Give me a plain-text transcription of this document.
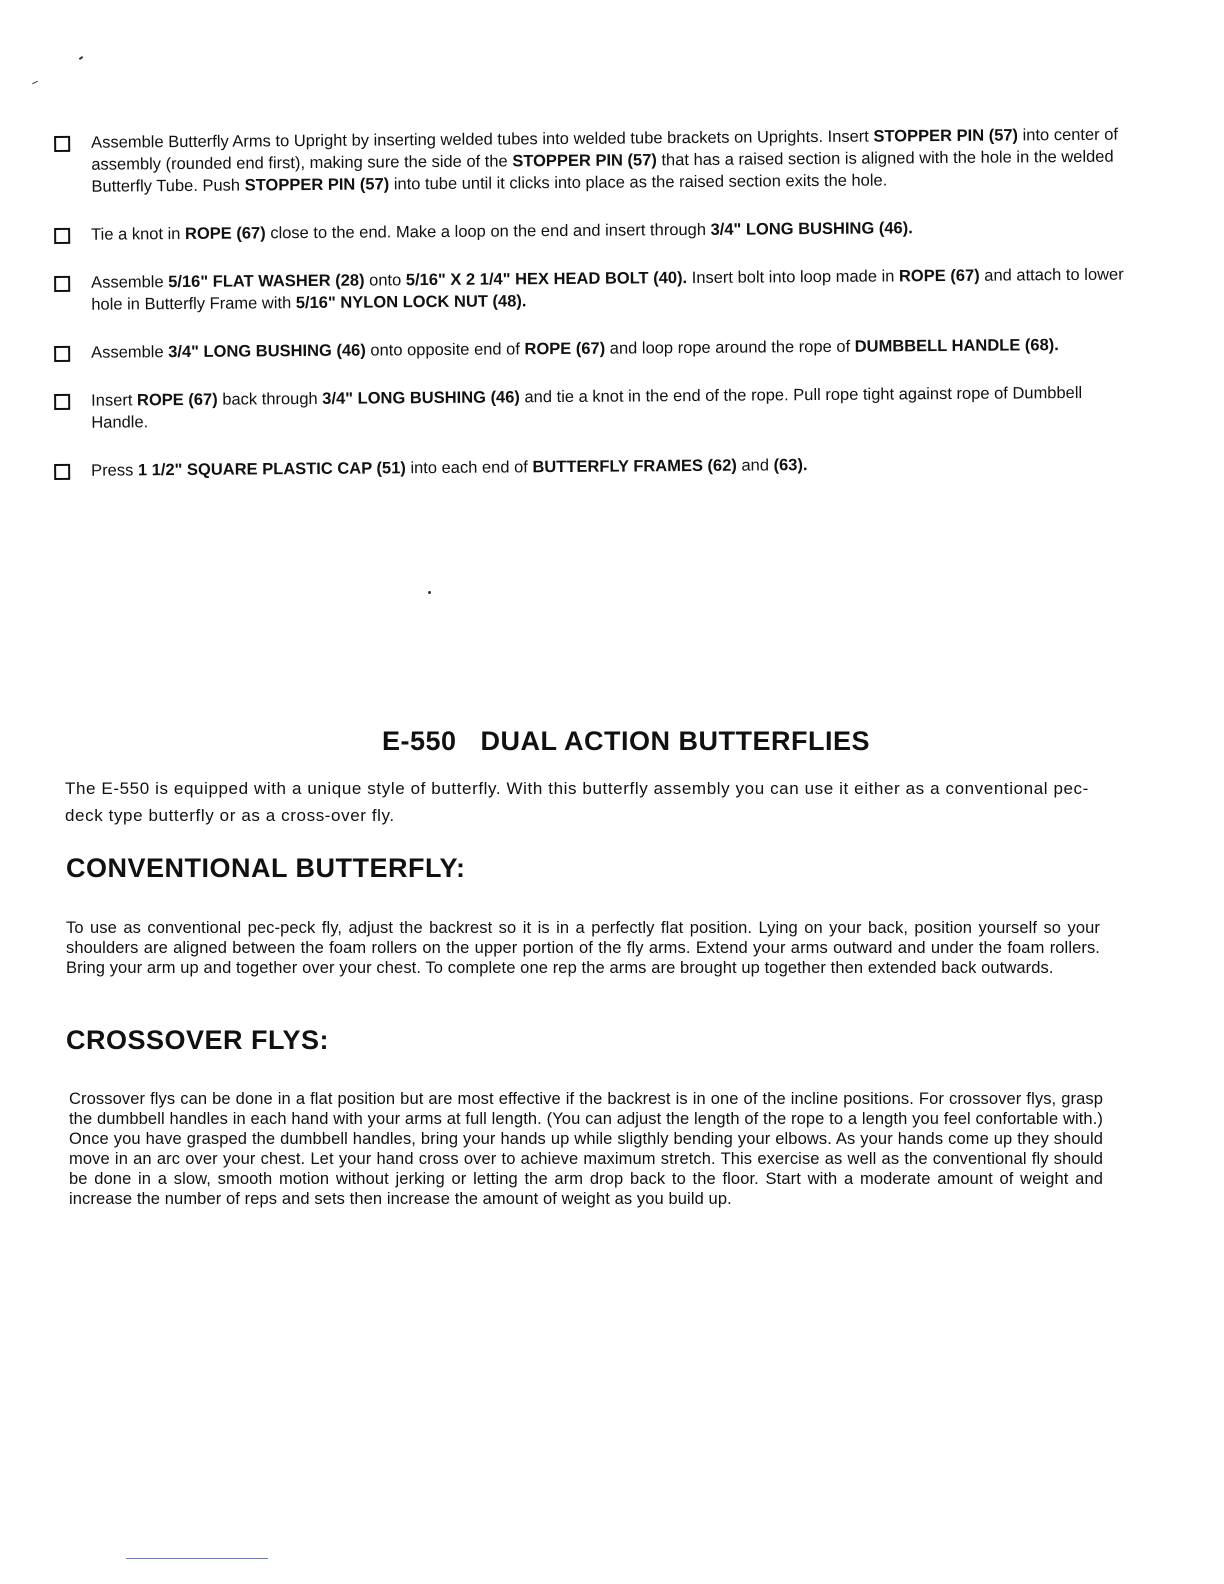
Assemble Butterfly Arms to Upright by inserting welded tubes into welded tube brackets on Uprights. Insert STOPPER PIN (57) into center of assembly (rounded end first), making sure the side of the STOPPER PIN (57) that has a raised section is aligned with the hole in the welded Butterfly Tube. Push STOPPER PIN (57) into tube until it clicks into place as the raised section exits the hole.
Tie a knot in ROPE (67) close to the end. Make a loop on the end and insert through 3/4" LONG BUSHING (46).
Assemble 5/16" FLAT WASHER (28) onto 5/16" X 2 1/4" HEX HEAD BOLT (40). Insert bolt into loop made in ROPE (67) and attach to lower hole in Butterfly Frame with 5/16" NYLON LOCK NUT (48).
Assemble 3/4" LONG BUSHING (46) onto opposite end of ROPE (67) and loop rope around the rope of DUMBBELL HANDLE (68).
Insert ROPE (67) back through 3/4" LONG BUSHING (46) and tie a knot in the end of the rope. Pull rope tight against rope of Dumbbell Handle.
Press 1 1/2" SQUARE PLASTIC CAP (51) into each end of BUTTERFLY FRAMES (62) and (63).
E-550   DUAL ACTION BUTTERFLIES

The E-550 is equipped with a unique style of butterfly. With this butterfly assembly you can use it either as a conventional pec-deck type butterfly or as a cross-over fly.

CONVENTIONAL BUTTERFLY:

To use as conventional pec-peck fly, adjust the backrest so it is in a perfectly flat position. Lying on your back, position yourself so your shoulders are aligned between the foam rollers on the upper portion of the fly arms. Extend your arms outward and under the foam rollers. Bring your arm up and together over your chest. To complete one rep the arms are brought up together then extended back outwards.

CROSSOVER FLYS:

Crossover flys can be done in a flat position but are most effective if the backrest is in one of the incline positions. For crossover flys, grasp the dumbbell handles in each hand with your arms at full length. (You can adjust the length of the rope to a length you feel confortable with.) Once you have grasped the dumbbell handles, bring your hands up while sligthly bending your elbows. As your hands come up they should move in an arc over your chest. Let your hand cross over to achieve maximum stretch. This exercise as well as the conventional fly should be done in a slow, smooth motion without jerking or letting the arm drop back to the floor. Start with a moderate amount of weight and increase the number of reps and sets then increase the amount of weight as you build up.
